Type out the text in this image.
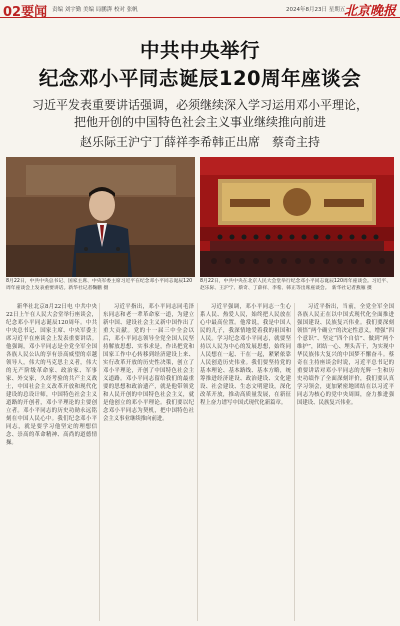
02要闻 责编 刘宇勤 美编 局鹏湃 校对 张帆	2024年8月23日 星期五
北京晚报
中共中央举行
纪念邓小平同志诞辰120周年座谈会
习近平发表重要讲话强调，必须继续深入学习运用邓小平理论，
把他开创的中国特色社会主义事业继续推向前进
赵乐际王沪宁丁薛祥李希韩正出席　蔡奇主持
8月22日，中共中央总书记、国家主席、中央军委主席习近平在纪念邓小平同志诞辰120周年座谈会上发表重要讲话。新华社记者鞠鹏 摄
8月22日，中共中央在北京人民大会堂举行纪念邓小平同志诞辰120周年座谈会。习近平、赵乐际、王沪宁、蔡奇、丁薛祥、李希、韩正等出席座谈会。　新华社记者燕雁 摄

新华社北京8月22日电 中共中央22日上午在人民大会堂举行座谈会，纪念邓小平同志诞辰120周年。中共中央总书记、国家主席、中央军委主席习近平在座谈会上发表重要讲话。他强调，邓小平同志是全党全军全国各族人民公认的享有崇高威望的卓越领导人，伟大的马克思主义者，伟大的无产阶级革命家、政治家、军事家、外交家，久经考验的共产主义战士，中国社会主义改革开放和现代化建设的总设计师，中国特色社会主义道路的开创者，邓小平理论的主要创立者。邓小平同志的历史功勋永远铭刻在中国人民心中。我们纪念邓小平同志，就是要学习他坚定的理想信念、崇高的革命精神、高尚的道德情操。

习近平指出，邓小平同志同毛泽东同志和老一辈革命家一道，为建立新中国、建设社会主义新中国作出了重大贡献。党的十一届三中全会以后，邓小平同志领导全党全国人民坚持解放思想、实事求是，作出把党和国家工作中心转移到经济建设上来、实行改革开放的历史性决策，创立了邓小平理论，开创了中国特色社会主义道路。邓小平同志留给我们的最重要的思想和政治遗产，就是他带领党和人民开创的中国特色社会主义，就是他创立的邓小平理论。我们要以纪念邓小平同志为契机，把中国特色社会主义事业继续推向前进。

习近平强调，邓小平同志一生心系人民、热爱人民，始终把人民放在心中最高位置。他常说，我是中国人民的儿子，我深情地爱着我的祖国和人民。学习纪念邓小平同志，就要坚持以人民为中心的发展思想，始终同人民想在一起、干在一起，紧紧依靠人民创造历史伟业。我们要坚持党的基本理论、基本路线、基本方略，统筹推进经济建设、政治建设、文化建设、社会建设、生态文明建设，深化改革开放，推动高质量发展，在新征程上奋力谱写中国式现代化新篇章。

习近平指出，当前，全党全军全国各族人民正在以中国式现代化全面推进强国建设、民族复兴伟业。我们要深刻领悟“两个确立”的决定性意义，增强“四个意识”、坚定“四个自信”、做到“两个维护”，团结一心、埋头苦干，为实现中华民族伟大复兴的中国梦不懈奋斗。蔡奇在主持座谈会时说，习近平总书记的重要讲话对邓小平同志的光辉一生和历史功绩作了全面深刻评价，我们要认真学习领会，更加紧密地团结在以习近平同志为核心的党中央周围，奋力推进强国建设、民族复兴伟业。
